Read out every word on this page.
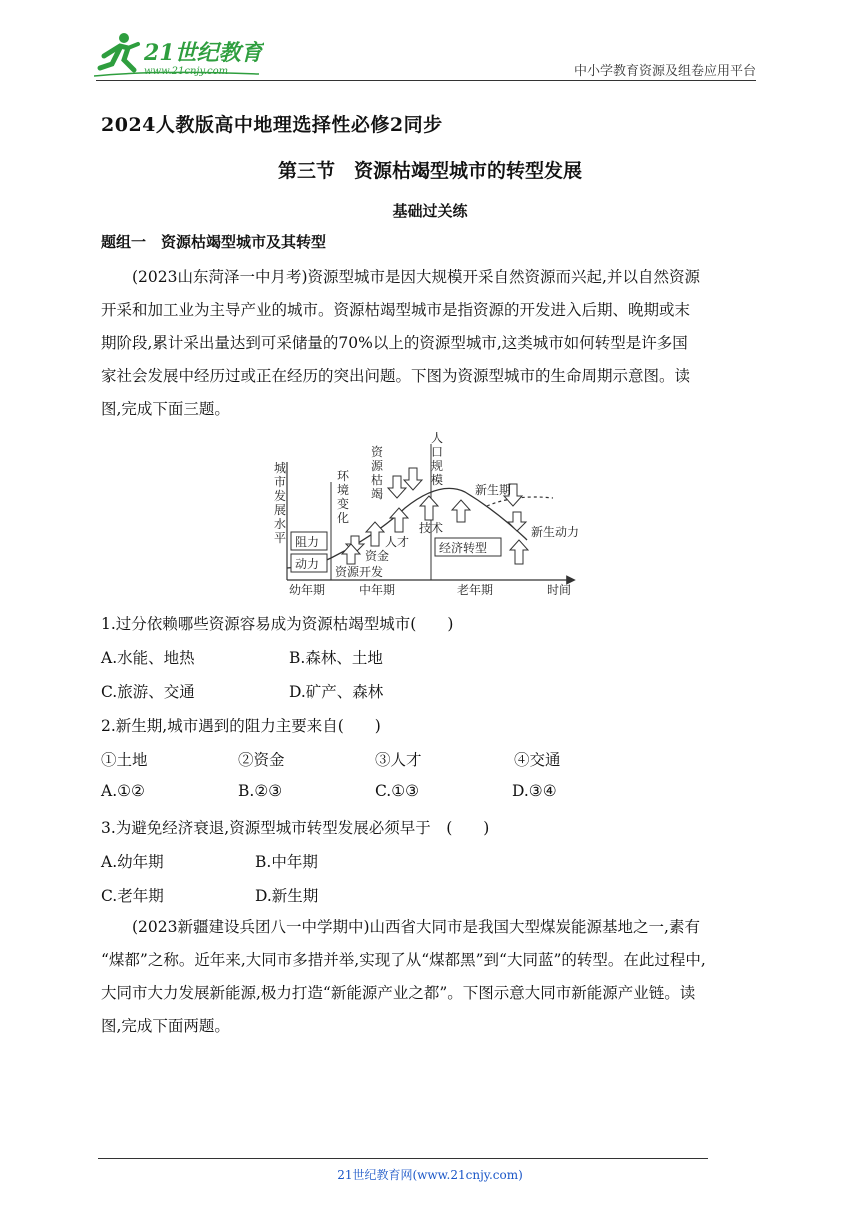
21世纪教育
www.21cnjy.com	中小学教育资源及组卷应用平台
2024人教版高中地理选择性必修2同步
第三节　资源枯竭型城市的转型发展
基础过关练
题组一　资源枯竭型城市及其转型
(2023山东菏泽一中月考)资源型城市是因大规模开采自然资源而兴起,并以自然资源
开采和加工业为主导产业的城市。资源枯竭型城市是指资源的开发进入后期、晚期或末
期阶段,累计采出量达到可采储量的70%以上的资源型城市,这类城市如何转型是许多国
家社会发展中经历过或正在经历的突出问题。下图为资源型城市的生命周期示意图。读
图,完成下面三题。
城
市
发
展
水
平 阻力
动力
环
境
变
化
资
源
枯
竭
人
口
规
模
新生期
新生动力
人才
技术
资金
资源开发
经济转型
幼年期	中年期	老年期	时间
1.过分依赖哪些资源容易成为资源枯竭型城市(　　)
A.水能、地热	B.森林、土地
C.旅游、交通	D.矿产、森林
2.新生期,城市遇到的阻力主要来自(　　)
①土地	②资金	③人才	④交通
A.①②	B.②③	C.①③	D.③④
3.为避免经济衰退,资源型城市转型发展必须早于　(　　)
A.幼年期	B.中年期
C.老年期	D.新生期
(2023新疆建设兵团八一中学期中)山西省大同市是我国大型煤炭能源基地之一,素有
“煤都”之称。近年来,大同市多措并举,实现了从“煤都黑”到“大同蓝”的转型。在此过程中,
大同市大力发展新能源,极力打造“新能源产业之都”。下图示意大同市新能源产业链。读
图,完成下面两题。
21世纪教育网(www.21cnjy.com)
